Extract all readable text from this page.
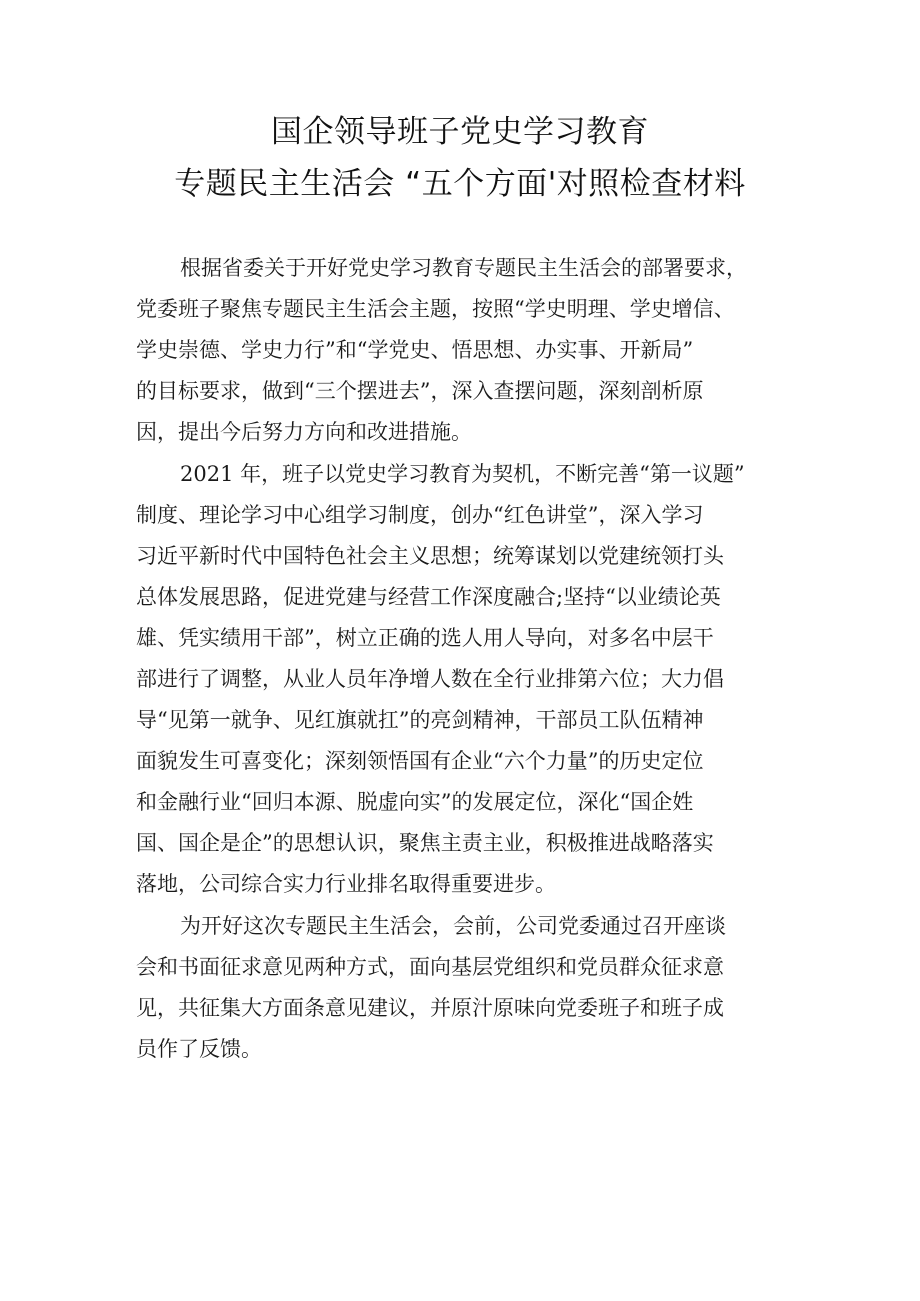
国企领导班子党史学习教育
专题民主生活会 “五个方面'对照检查材料

根据省委关于开好党史学习教育专题民主生活会的部署要求，
党委班子聚焦专题民主生活会主题，按照“学史明理、学史增信、
学史崇德、学史力行”和“学党史、悟思想、办实事、开新局”
的目标要求，做到“三个摆进去”，深入查摆问题，深刻剖析原
因，提出今后努力方向和改进措施。

2021 年，班子以党史学习教育为契机，不断完善“第一议题”
制度、理论学习中心组学习制度，创办“红色讲堂”，深入学习
习近平新时代中国特色社会主义思想；统筹谋划以党建统领打头
总体发展思路，促进党建与经营工作深度融合;坚持“以业绩论英
雄、凭实绩用干部”，树立正确的选人用人导向，对多名中层干
部进行了调整，从业人员年净增人数在全行业排第六位；大力倡
导“见第一就争、见红旗就扛”的亮剑精神，干部员工队伍精神
面貌发生可喜变化；深刻领悟国有企业“六个力量”的历史定位
和金融行业“回归本源、脱虚向实”的发展定位，深化“国企姓
国、国企是企”的思想认识，聚焦主责主业，积极推进战略落实
落地，公司综合实力行业排名取得重要进步。

为开好这次专题民主生活会，会前，公司党委通过召开座谈
会和书面征求意见两种方式，面向基层党组织和党员群众征求意
见，共征集大方面条意见建议，并原汁原味向党委班子和班子成
员作了反馈。
